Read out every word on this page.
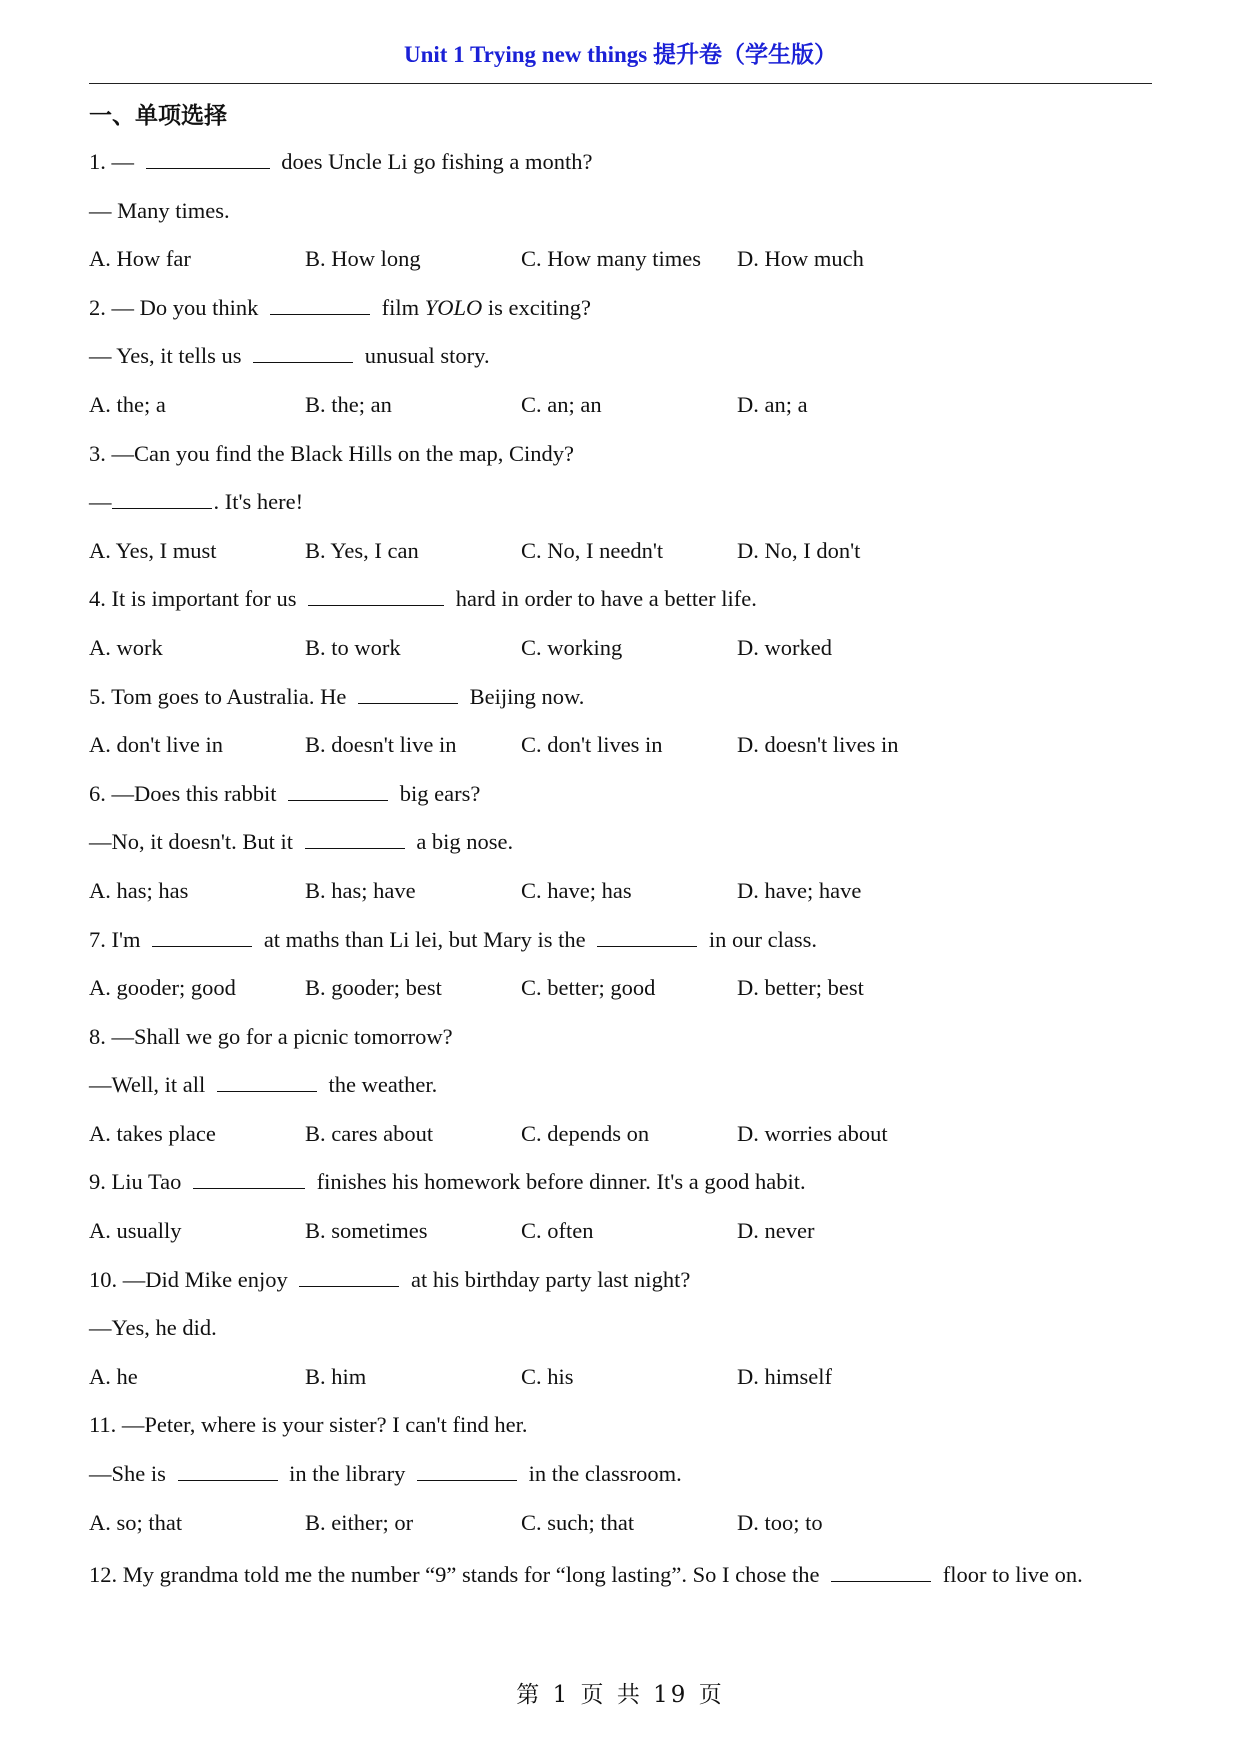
Unit 1 Trying new things 提升卷（学生版）
一、单项选择
1. —	does Uncle Li go fishing a month?
— Many times.
A. How far	B. How long	C. How many times	D. How much
2. — Do you think	film YOLO is exciting?
— Yes, it tells us	unusual story.
A. the; a	B. the; an	C. an; an	D. an; a
3. —Can you find the Black Hills on the map, Cindy?
—	. It's here!
A. Yes, I must	B. Yes, I can	C. No, I needn't	D. No, I don't
4. It is important for us	hard in order to have a better life.
A. work	B. to work	C. working	D. worked
5. Tom goes to Australia. He	Beijing now.
A. don't live in	B. doesn't live in	C. don't lives in	D. doesn't lives in
6. —Does this rabbit	big ears?
—No, it doesn't. But it	a big nose.
A. has; has	B. has; have	C. have; has	D. have; have
7. I'm	at maths than Li lei, but Mary is the	in our class.
A. gooder; good	B. gooder; best	C. better; good	D. better; best
8. —Shall we go for a picnic tomorrow?
—Well, it all	the weather.
A. takes place	B. cares about	C. depends on	D. worries about
9. Liu Tao	finishes his homework before dinner. It's a good habit.
A. usually	B. sometimes	C. often	D. never
10. —Did Mike enjoy	at his birthday party last night?
—Yes, he did.
A. he	B. him	C. his	D. himself
11. —Peter, where is your sister? I can't find her.
—She is	in the library	in the classroom.
A. so; that	B. either; or	C. such; that	D. too; to
12. My grandma told me the number “9” stands for “long lasting”. So I chose the	floor to live on.
第 1 页 共 19 页
